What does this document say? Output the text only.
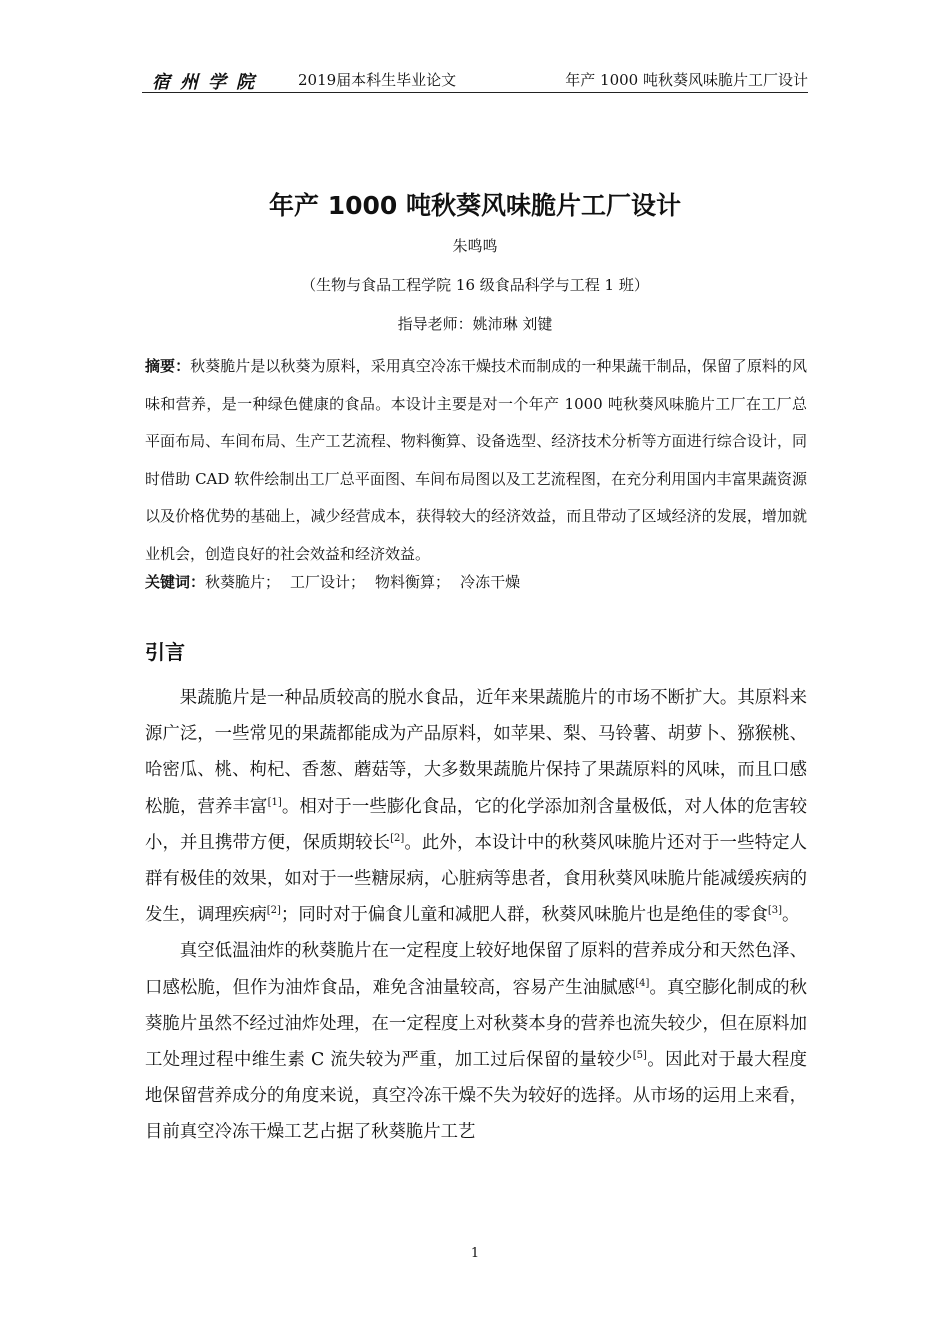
宿州学院 2019届本科生毕业论文	年产 1000 吨秋葵风味脆片工厂设计
年产 1000 吨秋葵风味脆片工厂设计
朱鸣鸣
（生物与食品工程学院 16 级食品科学与工程 1 班）
指导老师：姚沛琳 刘键
摘要：秋葵脆片是以秋葵为原料，采用真空冷冻干燥技术而制成的一种果蔬干制品，保留了原料的风味和营养，是一种绿色健康的食品。本设计主要是对一个年产 1000 吨秋葵风味脆片工厂在工厂总平面布局、车间布局、生产工艺流程、物料衡算、设备选型、经济技术分析等方面进行综合设计，同时借助 CAD 软件绘制出工厂总平面图、车间布局图以及工艺流程图，在充分利用国内丰富果蔬资源以及价格优势的基础上，减少经营成本，获得较大的经济效益，而且带动了区域经济的发展，增加就业机会，创造良好的社会效益和经济效益。
关键词：秋葵脆片； 工厂设计； 物料衡算； 冷冻干燥
引言

果蔬脆片是一种品质较高的脱水食品，近年来果蔬脆片的市场不断扩大。其原料来源广泛，一些常见的果蔬都能成为产品原料，如苹果、梨、马铃薯、胡萝卜、猕猴桃、哈密瓜、桃、枸杞、香葱、蘑菇等，大多数果蔬脆片保持了果蔬原料的风味，而且口感松脆，营养丰富[1]。相对于一些膨化食品，它的化学添加剂含量极低，对人体的危害较小，并且携带方便，保质期较长[2]。此外，本设计中的秋葵风味脆片还对于一些特定人群有极佳的效果，如对于一些糖尿病，心脏病等患者，食用秋葵风味脆片能减缓疾病的发生，调理疾病[2]；同时对于偏食儿童和减肥人群，秋葵风味脆片也是绝佳的零食[3]。

真空低温油炸的秋葵脆片在一定程度上较好地保留了原料的营养成分和天然色泽、口感松脆，但作为油炸食品，难免含油量较高，容易产生油腻感[4]。真空膨化制成的秋葵脆片虽然不经过油炸处理，在一定程度上对秋葵本身的营养也流失较少，但在原料加工处理过程中维生素 C 流失较为严重，加工过后保留的量较少[5]。因此对于最大程度地保留营养成分的角度来说，真空冷冻干燥不失为较好的选择。从市场的运用上来看，目前真空冷冻干燥工艺占据了秋葵脆片工艺

1
